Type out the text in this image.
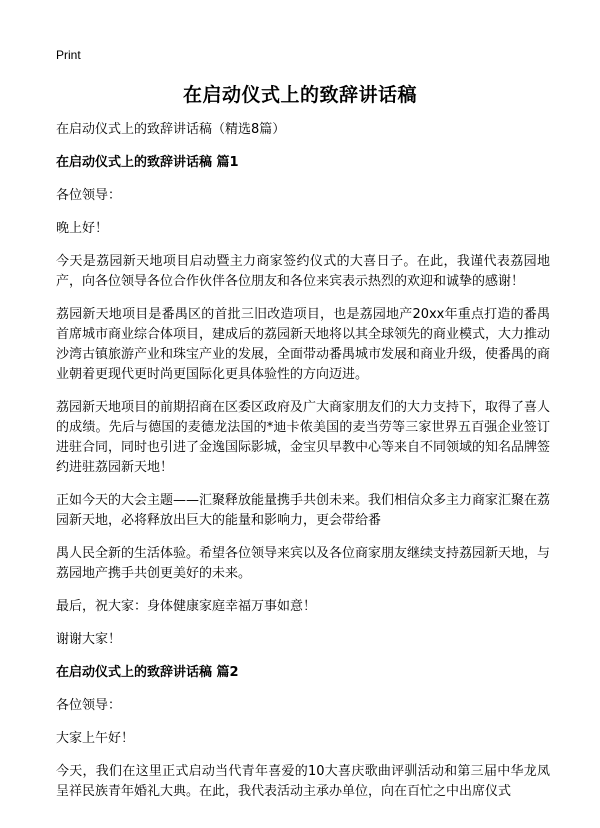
Print
在启动仪式上的致辞讲话稿

在启动仪式上的致辞讲话稿（精选8篇）

在启动仪式上的致辞讲话稿 篇1

各位领导：

晚上好！

今天是荔园新天地项目启动暨主力商家签约仪式的大喜日子。在此，我谨代表荔园地产，向各位领导各位合作伙伴各位朋友和各位来宾表示热烈的欢迎和诚挚的感谢！

荔园新天地项目是番禺区的首批三旧改造项目，也是荔园地产20xx年重点打造的番禺首席城市商业综合体项目，建成后的荔园新天地将以其全球领先的商业模式，大力推动沙湾古镇旅游产业和珠宝产业的发展，全面带动番禺城市发展和商业升级，使番禺的商业朝着更现代更时尚更国际化更具体验性的方向迈进。

荔园新天地项目的前期招商在区委区政府及广大商家朋友们的大力支持下，取得了喜人的成绩。先后与德国的麦德龙法国的*迪卡侬美国的麦当劳等三家世界五百强企业签订进驻合同，同时也引进了金逸国际影城，金宝贝早教中心等来自不同领域的知名品牌签约进驻荔园新天地！

正如今天的大会主题——汇聚释放能量携手共创未来。我们相信众多主力商家汇聚在荔园新天地，必将释放出巨大的能量和影响力，更会带给番

禺人民全新的生活体验。希望各位领导来宾以及各位商家朋友继续支持荔园新天地，与荔园地产携手共创更美好的未来。

最后，祝大家：身体健康家庭幸福万事如意！

谢谢大家！

在启动仪式上的致辞讲话稿 篇2

各位领导：

大家上午好！

今天，我们在这里正式启动当代青年喜爱的10大喜庆歌曲评驯活动和第三届中华龙凤呈祥民族青年婚礼大典。在此，我代表活动主承办单位，向在百忙之中出席仪式
